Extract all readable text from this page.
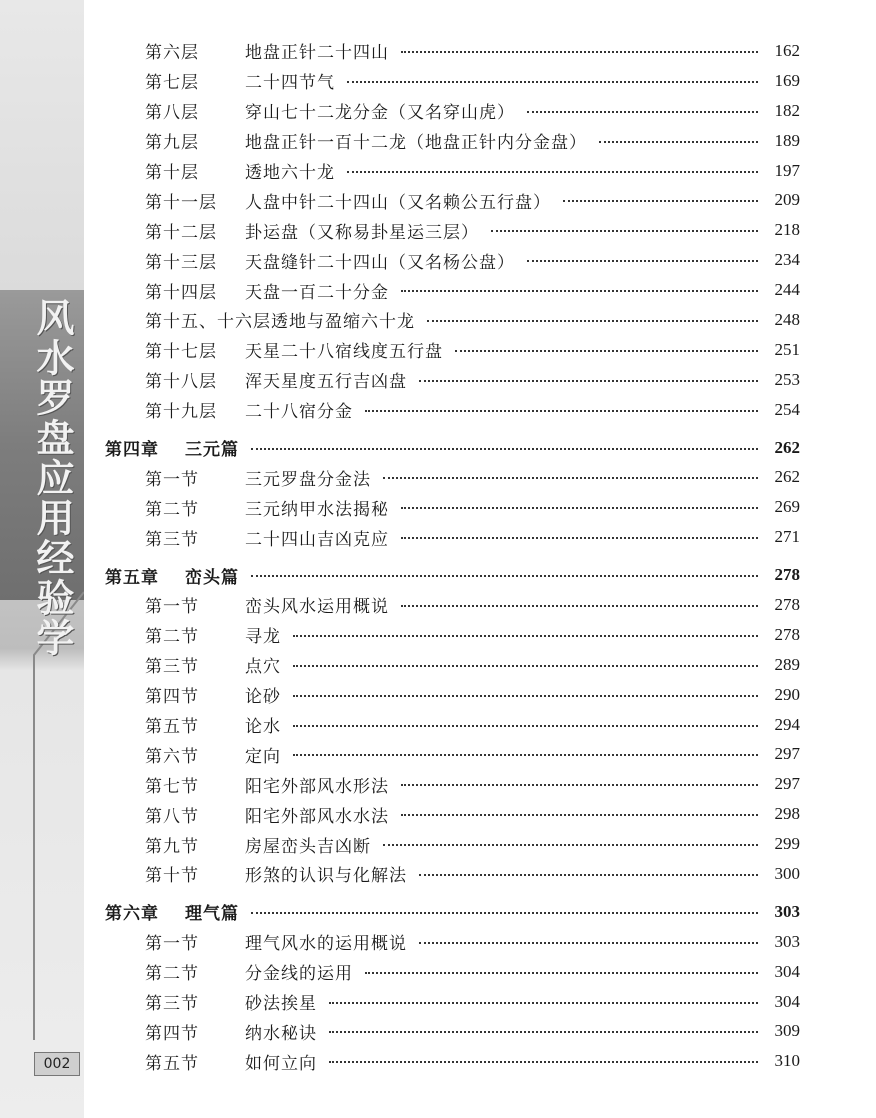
风水罗盘应用经验学
002
第六层	地盘正针二十四山	162
第七层	二十四节气	169
第八层	穿山七十二龙分金（又名穿山虎）	182
第九层	地盘正针一百十二龙（地盘正针内分金盘）	189
第十层	透地六十龙	197
第十一层	人盘中针二十四山（又名赖公五行盘）	209
第十二层	卦运盘（又称易卦星运三层）	218
第十三层	天盘缝针二十四山（又名杨公盘）	234
第十四层	天盘一百二十分金	244
第十五、十六层 透地与盈缩六十龙	248
第十七层	天星二十八宿线度五行盘	251
第十八层	浑天星度五行吉凶盘	253
第十九层	二十八宿分金	254
第四章	三元篇	262
第一节	三元罗盘分金法	262
第二节	三元纳甲水法揭秘	269
第三节	二十四山吉凶克应	271
第五章	峦头篇	278
第一节	峦头风水运用概说	278
第二节	寻龙	278
第三节	点穴	289
第四节	论砂	290
第五节	论水	294
第六节	定向	297
第七节	阳宅外部风水形法	297
第八节	阳宅外部风水水法	298
第九节	房屋峦头吉凶断	299
第十节	形煞的认识与化解法	300
第六章	理气篇	303
第一节	理气风水的运用概说	303
第二节	分金线的运用	304
第三节	砂法挨星	304
第四节	纳水秘诀	309
第五节	如何立向	310
